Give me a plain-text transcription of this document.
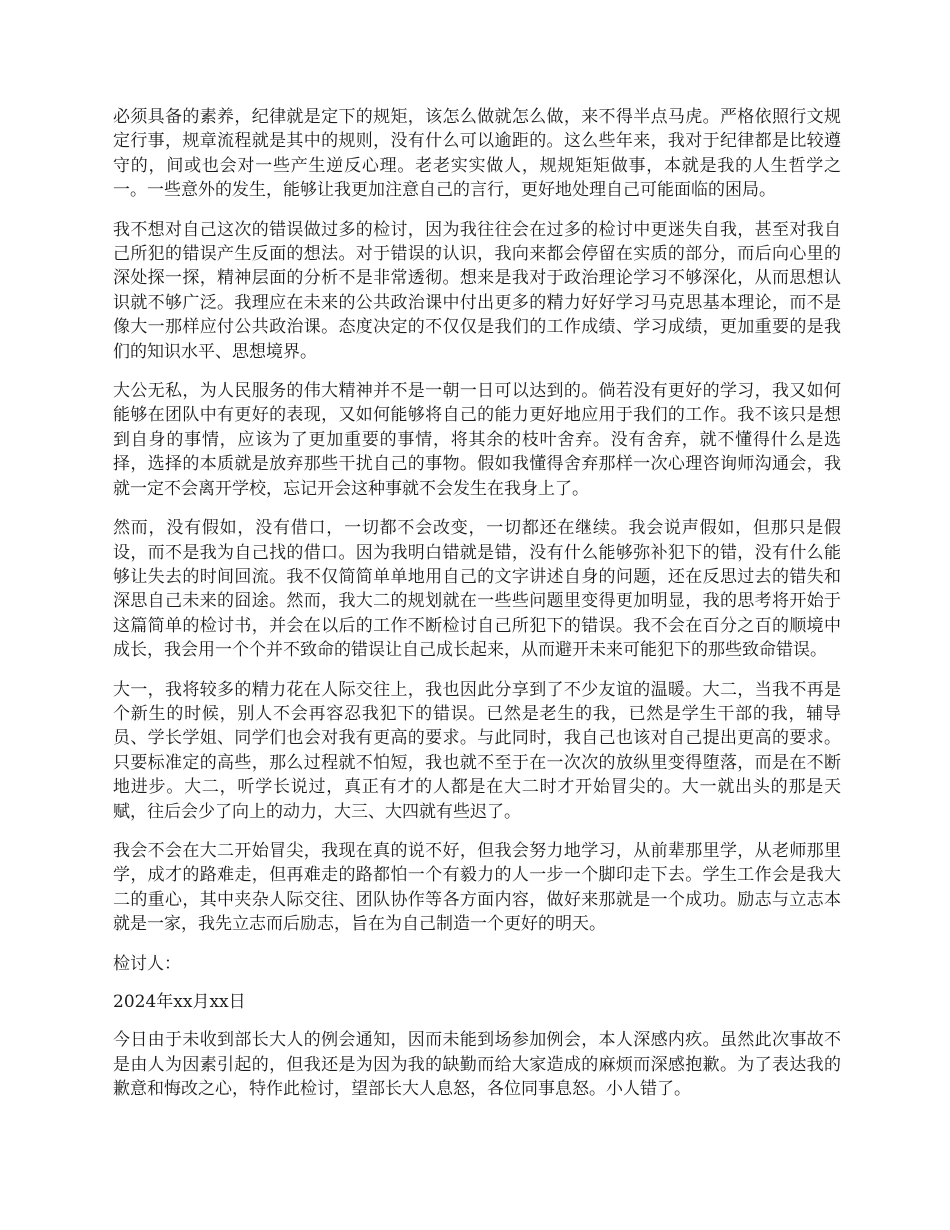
必须具备的素养，纪律就是定下的规矩，该怎么做就怎么做，来不得半点马虎。严格依照行文规定行事，规章流程就是其中的规则，没有什么可以逾距的。这么些年来，我对于纪律都是比较遵守的，间或也会对一些产生逆反心理。老老实实做人，规规矩矩做事，本就是我的人生哲学之一。一些意外的发生，能够让我更加注意自己的言行，更好地处理自己可能面临的困局。

我不想对自己这次的错误做过多的检讨，因为我往往会在过多的检讨中更迷失自我，甚至对我自己所犯的错误产生反面的想法。对于错误的认识，我向来都会停留在实质的部分，而后向心里的深处探一探，精神层面的分析不是非常透彻。想来是我对于政治理论学习不够深化，从而思想认识就不够广泛。我理应在未来的公共政治课中付出更多的精力好好学习马克思基本理论，而不是像大一那样应付公共政治课。态度决定的不仅仅是我们的工作成绩、学习成绩，更加重要的是我们的知识水平、思想境界。

大公无私，为人民服务的伟大精神并不是一朝一日可以达到的。倘若没有更好的学习，我又如何能够在团队中有更好的表现，又如何能够将自己的能力更好地应用于我们的工作。我不该只是想到自身的事情，应该为了更加重要的事情，将其余的枝叶舍弃。没有舍弃，就不懂得什么是选择，选择的本质就是放弃那些干扰自己的事物。假如我懂得舍弃那样一次心理咨询师沟通会，我就一定不会离开学校，忘记开会这种事就不会发生在我身上了。

然而，没有假如，没有借口，一切都不会改变，一切都还在继续。我会说声假如，但那只是假设，而不是我为自己找的借口。因为我明白错就是错，没有什么能够弥补犯下的错，没有什么能够让失去的时间回流。我不仅简简单单地用自己的文字讲述自身的问题，还在反思过去的错失和深思自己未来的囧途。然而，我大二的规划就在一些些问题里变得更加明显，我的思考将开始于这篇简单的检讨书，并会在以后的工作不断检讨自己所犯下的错误。我不会在百分之百的顺境中成长，我会用一个个并不致命的错误让自己成长起来，从而避开未来可能犯下的那些致命错误。

大一，我将较多的精力花在人际交往上，我也因此分享到了不少友谊的温暖。大二，当我不再是个新生的时候，别人不会再容忍我犯下的错误。已然是老生的我，已然是学生干部的我，辅导员、学长学姐、同学们也会对我有更高的要求。与此同时，我自己也该对自己提出更高的要求。只要标准定的高些，那么过程就不怕短，我也就不至于在一次次的放纵里变得堕落，而是在不断地进步。大二，听学长说过，真正有才的人都是在大二时才开始冒尖的。大一就出头的那是天赋，往后会少了向上的动力，大三、大四就有些迟了。

我会不会在大二开始冒尖，我现在真的说不好，但我会努力地学习，从前辈那里学，从老师那里学，成才的路难走，但再难走的路都怕一个有毅力的人一步一个脚印走下去。学生工作会是我大二的重心，其中夹杂人际交往、团队协作等各方面内容，做好来那就是一个成功。励志与立志本就是一家，我先立志而后励志，旨在为自己制造一个更好的明天。

检讨人：

2024年xx月xx日

今日由于未收到部长大人的例会通知，因而未能到场参加例会，本人深感内疚。虽然此次事故不是由人为因素引起的，但我还是为因为我的缺勤而给大家造成的麻烦而深感抱歉。为了表达我的歉意和悔改之心，特作此检讨，望部长大人息怒，各位同事息怒。小人错了。
